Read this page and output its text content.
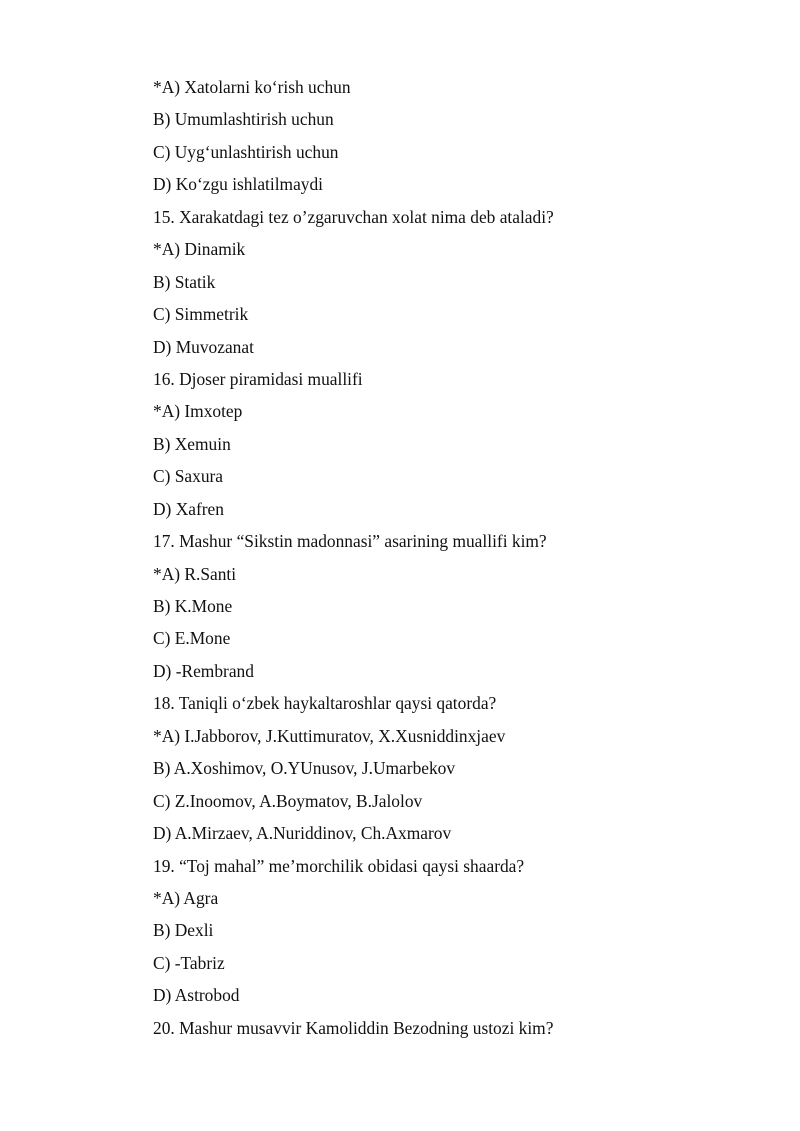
*A) Xatolarni ko‘rish uchun
B) Umumlashtirish uchun
C) Uyg‘unlashtirish uchun
D) Ko‘zgu ishlatilmaydi
15. Xarakatdagi tez o’zgaruvchan xolat nima deb ataladi?
*A) Dinamik
B) Statik
C) Simmetrik
D) Muvozanat
16. Djoser piramidasi muallifi
*A) Imxotep
B) Xemuin
C) Saxura
D) Xafren
17. Mashur “Sikstin madonnasi” asarining muallifi kim?
*A) R.Santi
B) K.Mone
C) E.Mone
D) -Rembrand
18. Taniqli o‘zbek haykaltaroshlar qaysi qatorda?
*A) I.Jabborov, J.Kuttimuratov, X.Xusniddinxjaev
B) A.Xoshimov, O.YUnusov, J.Umarbekov
C) Z.Inoomov, A.Boymatov, B.Jalolov
D) A.Mirzaev, A.Nuriddinov, Ch.Axmarov
19. “Toj mahal” me’morchilik obidasi qaysi shaarda?
*A) Agra
B) Dexli
C) -Tabriz
D) Astrobod
20. Mashur musavvir Kamoliddin Bezodning ustozi kim?
